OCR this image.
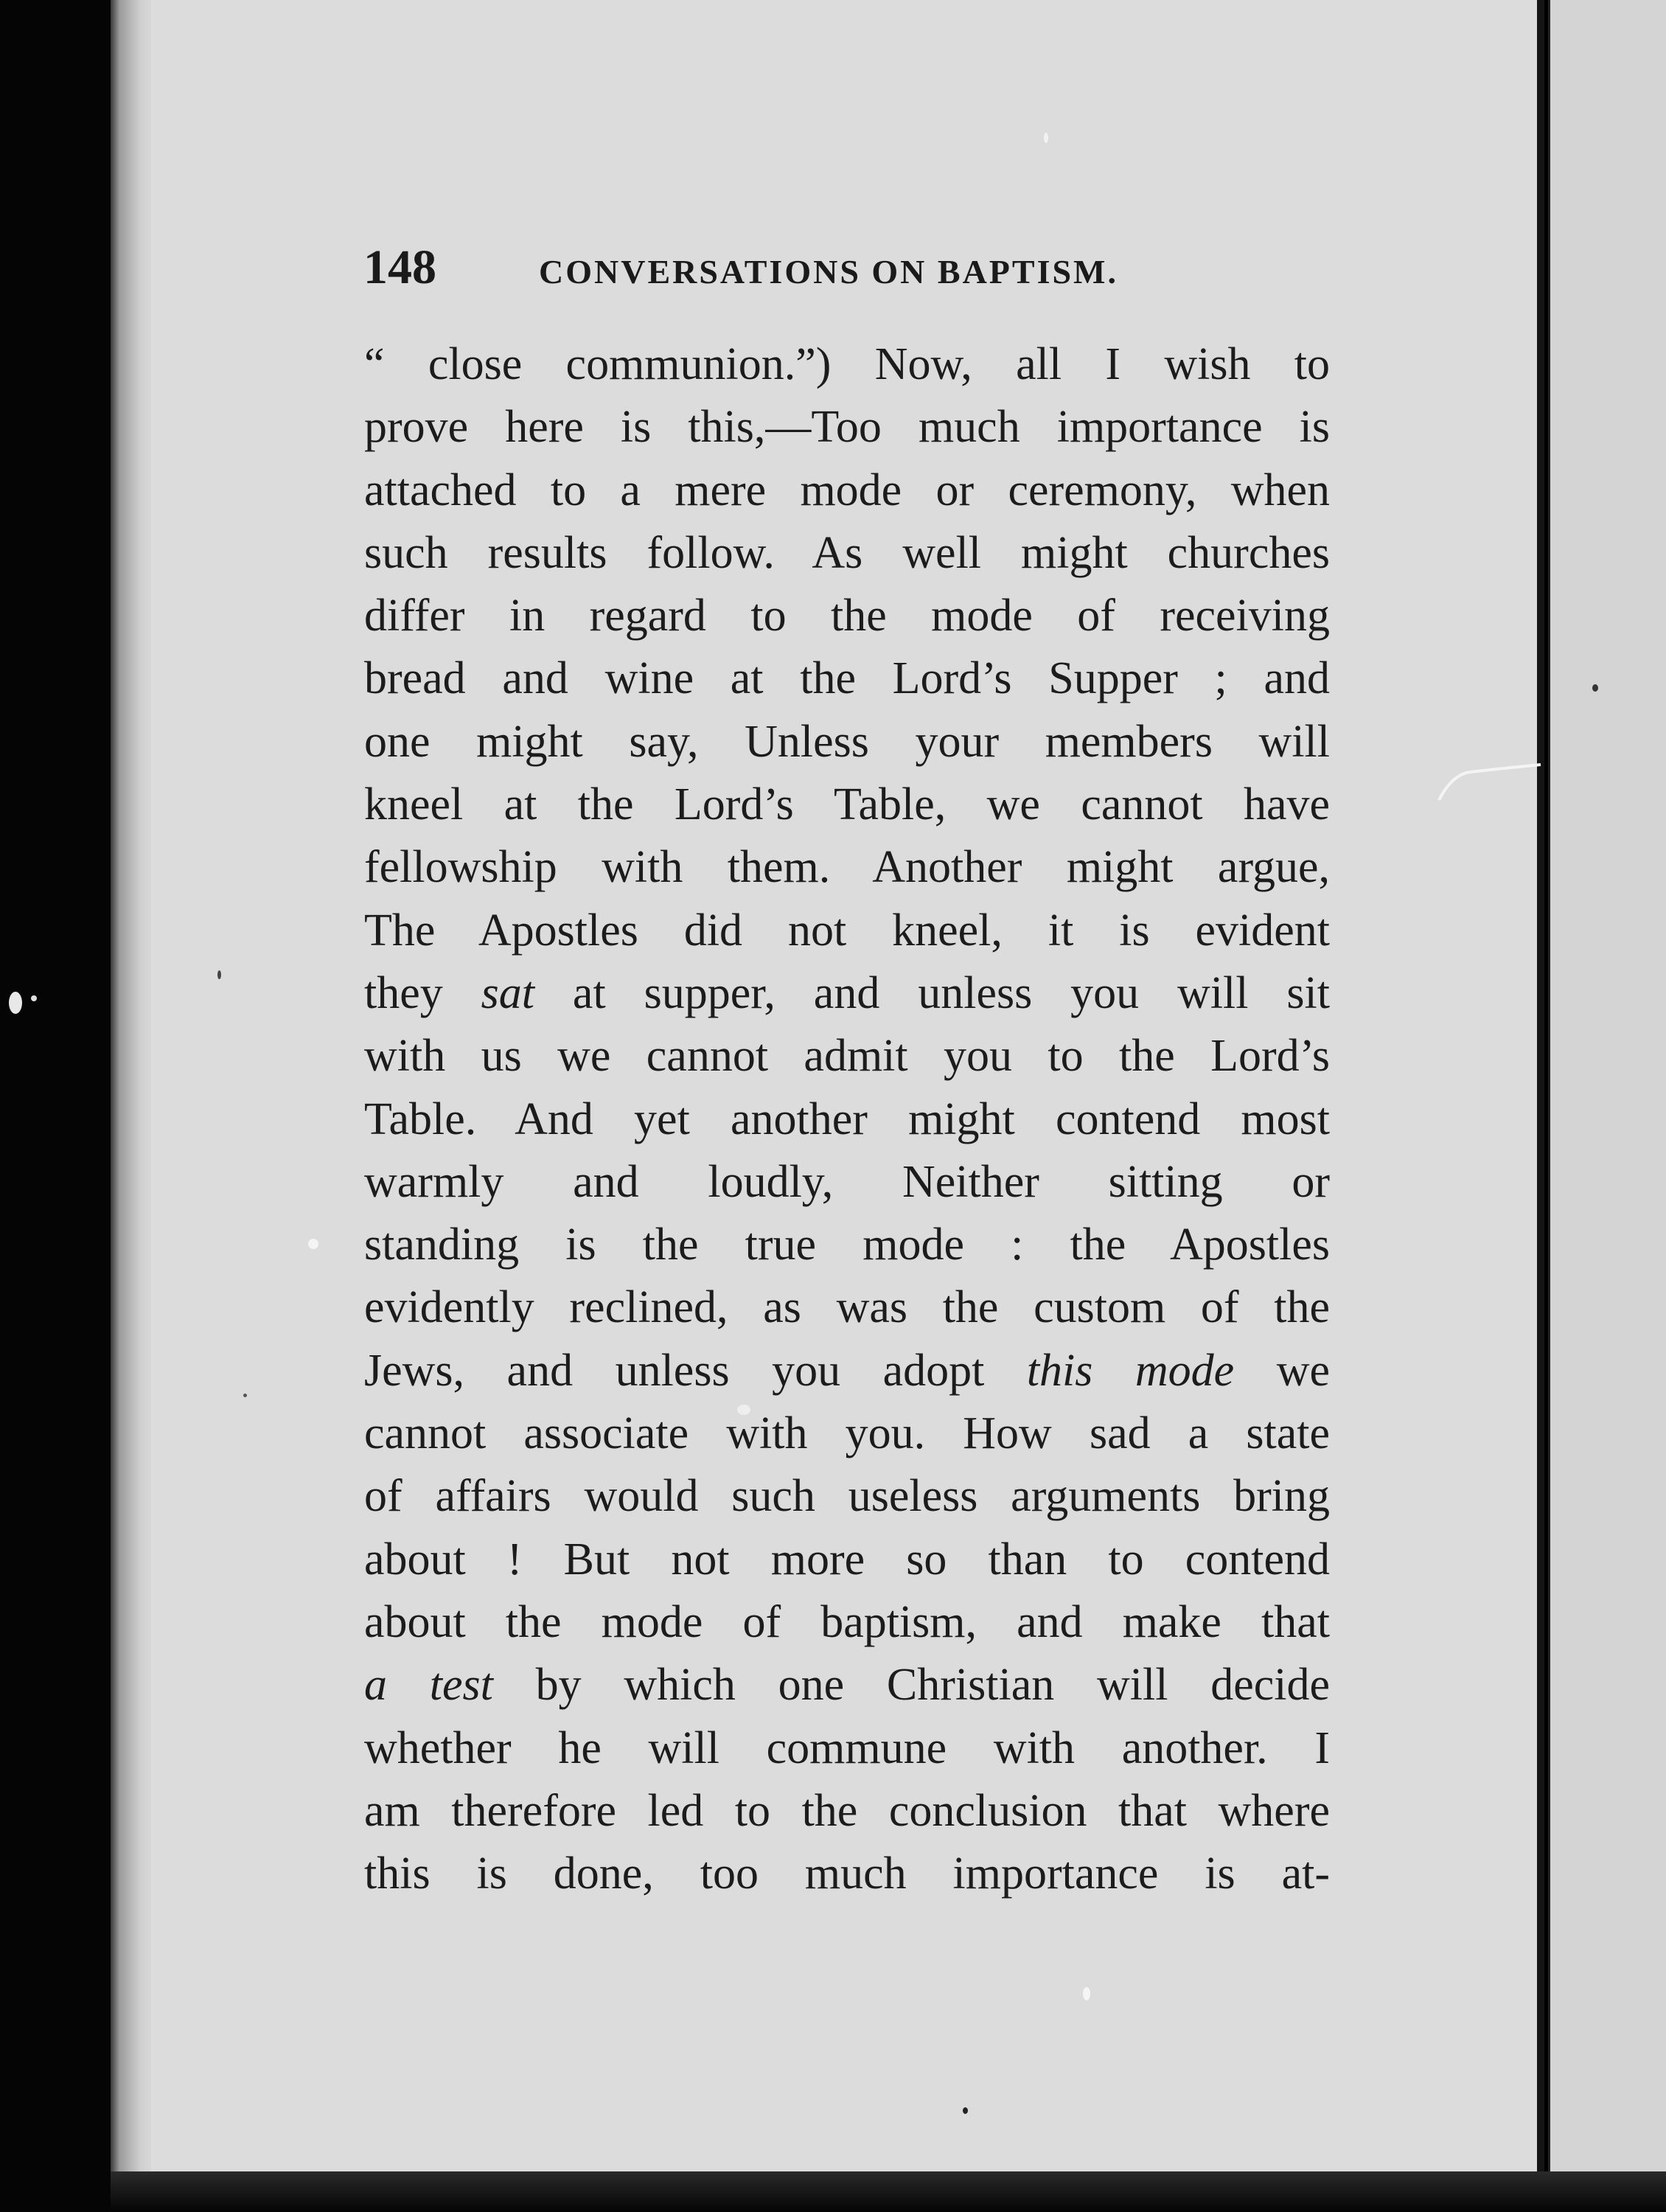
148	CONVERSATIONS ON BAPTISM.
“ close communion.”) Now, all I wish to
prove here is this,—Too much importance is
attached to a mere mode or ceremony, when
such results follow. As well might churches
differ in regard to the mode of receiving
bread and wine at the Lord’s Supper ; and
one might say, Unless your members will
kneel at the Lord’s Table, we cannot have
fellowship with them. Another might argue,
The Apostles did not kneel, it is evident
they sat at supper, and unless you will sit
with us we cannot admit you to the Lord’s
Table. And yet another might contend most
warmly and loudly, Neither sitting or
standing is the true mode : the Apostles
evidently reclined, as was the custom of the
Jews, and unless you adopt this mode we
cannot associate with you. How sad a state
of affairs would such useless arguments bring
about ! But not more so than to contend
about the mode of baptism, and make that
a test by which one Christian will decide
whether he will commune with another. I
am therefore led to the conclusion that where
this is done, too much importance is at-
